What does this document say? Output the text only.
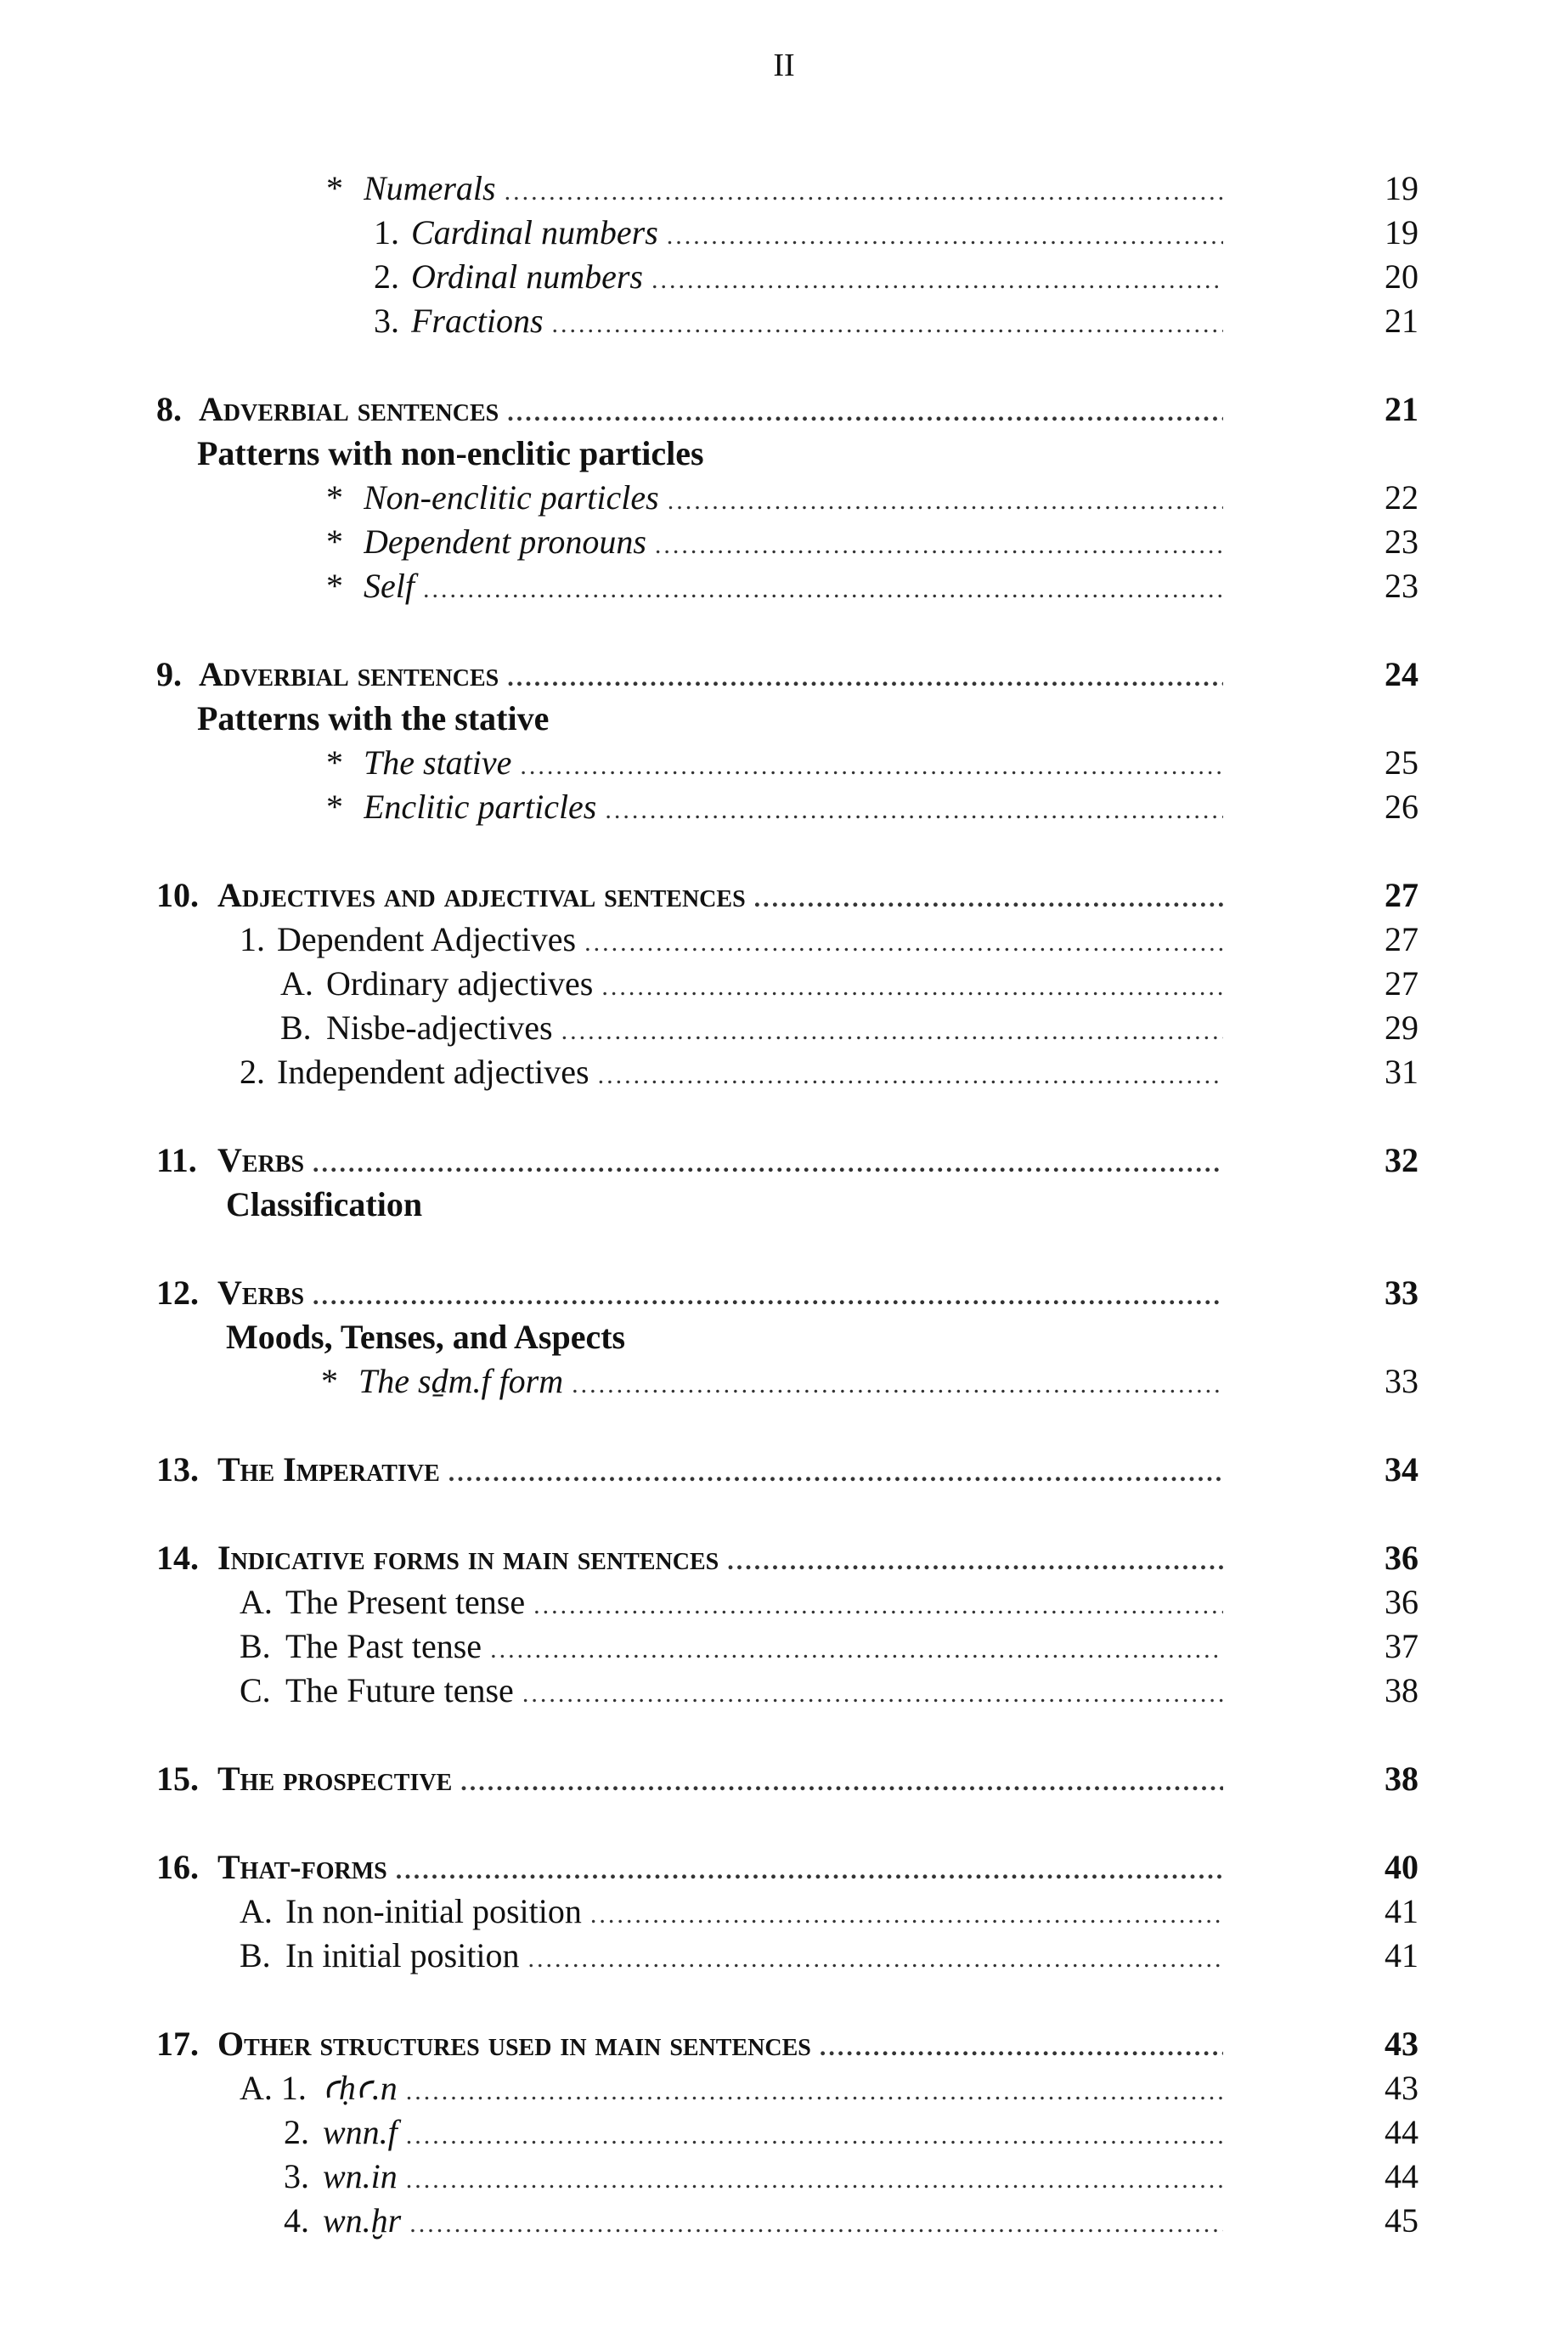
II
* Numerals .....	19
1. Cardinal numbers .....	19
2. Ordinal numbers .....	20
3. Fractions .....	21
8. Adverbial sentences .....	21
Patterns with non-enclitic particles
* Non-enclitic particles .....	22
* Dependent pronouns .....	23
* Self .....	23
9. Adverbial sentences .....	24
Patterns with the stative
* The stative .....	25
* Enclitic particles .....	26
10. Adjectives and adjectival sentences .....	27
1. Dependent Adjectives .....	27
A. Ordinary adjectives .....	27
B. Nisbe-adjectives .....	29
2. Independent adjectives .....	31
11. Verbs .....	32
Classification
12. Verbs .....	33
Moods, Tenses, and Aspects
* The sḏm.f form .....	33
13. The Imperative .....	34
14. Indicative forms in main sentences .....	36
A. The Present tense .....	36
B. The Past tense .....	37
C. The Future tense .....	38
15. The prospective .....	38
16. That-forms .....	40
A. In non-initial position .....	41
B. In initial position .....	41
17. Other structures used in main sentences .....	43
A. 1. ꜥḥꜥ.n .....	43
2. wnn.f .....	44
3. wn.in .....	44
4. wn.ḫr .....	45
